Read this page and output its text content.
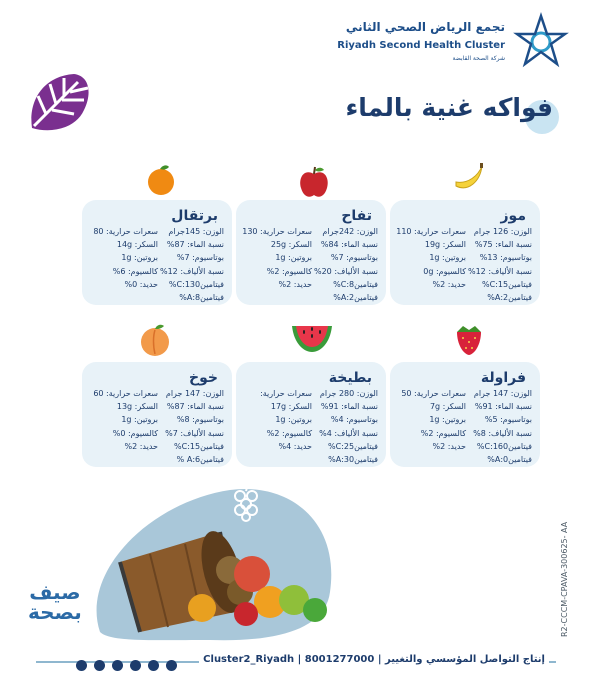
تجمع الرياض الصحي الثاني
Riyadh Second Health Cluster
شركة الصحة القابضة
فواكه غنية بالماء
موز
الوزن: 126 جرام
نسبة الماء: 75%
بوتاسيوم: 13%
نسبة الألياف: 12%
فيتامين15:C%
فيتامين2:A%
سعرات حرارية: 110
السكر: 19g
بروتين: 1g
كالسيوم: 0g
حديد: 2%
تفاح
الوزن: 242جرام
نسبة الماء: 84%
بوتاسيوم: 7%
نسبة الألياف: 20%
فيتامين8:C%
فيتامين2:A%
سعرات حرارية: 130
السكر: 25g
بروتين: 1g
كالسيوم: 2%
حديد: 2%
برتقال
الوزن: 145جرام
نسبة الماء: 87%
بوتاسيوم: 7%
نسبة الألياف: 12%
فيتامين130:C%
فيتامين8:A%
سعرات حرارية: 80
السكر: 14g
بروتين: 1g
كالسيوم: 6%
حديد: 0%
فراولة
الوزن: 147 جرام
نسبة الماء: 91%
بوتاسيوم: 5%
نسبة الألياف: 8%
فيتامين160:C%
فيتامين0:A%
سعرات حرارية: 50
السكر: 7g
بروتين: 1g
كالسيوم: 2%
حديد: 2%
بطيخة
الوزن: 280 جرام
نسبة الماء: 91%
بوتاسيوم: 4%
نسبة الألياف: 4%
فيتامين25:C%
فيتامين30:A%
سعرات حرارية:
السكر: 17g
بروتين: 1g
كالسيوم: 2%
حديد: 4%
خوخ
الوزن: 147 جرام
نسبة الماء: 87%
بوتاسيوم: 8%
نسبة الألياف: 7%
فيتامين15:C%
فيتامين6:A %
سعرات حرارية: 60
السكر: 13g
بروتين: 1g
كالسيوم: 0%
حديد: 2%
صيف
بصحة	R2-CCCM-CPAVA-300625- AA
إنتاج التواصل المؤسسي والتغيير | 8001277000 | Cluster2_Riyadh
